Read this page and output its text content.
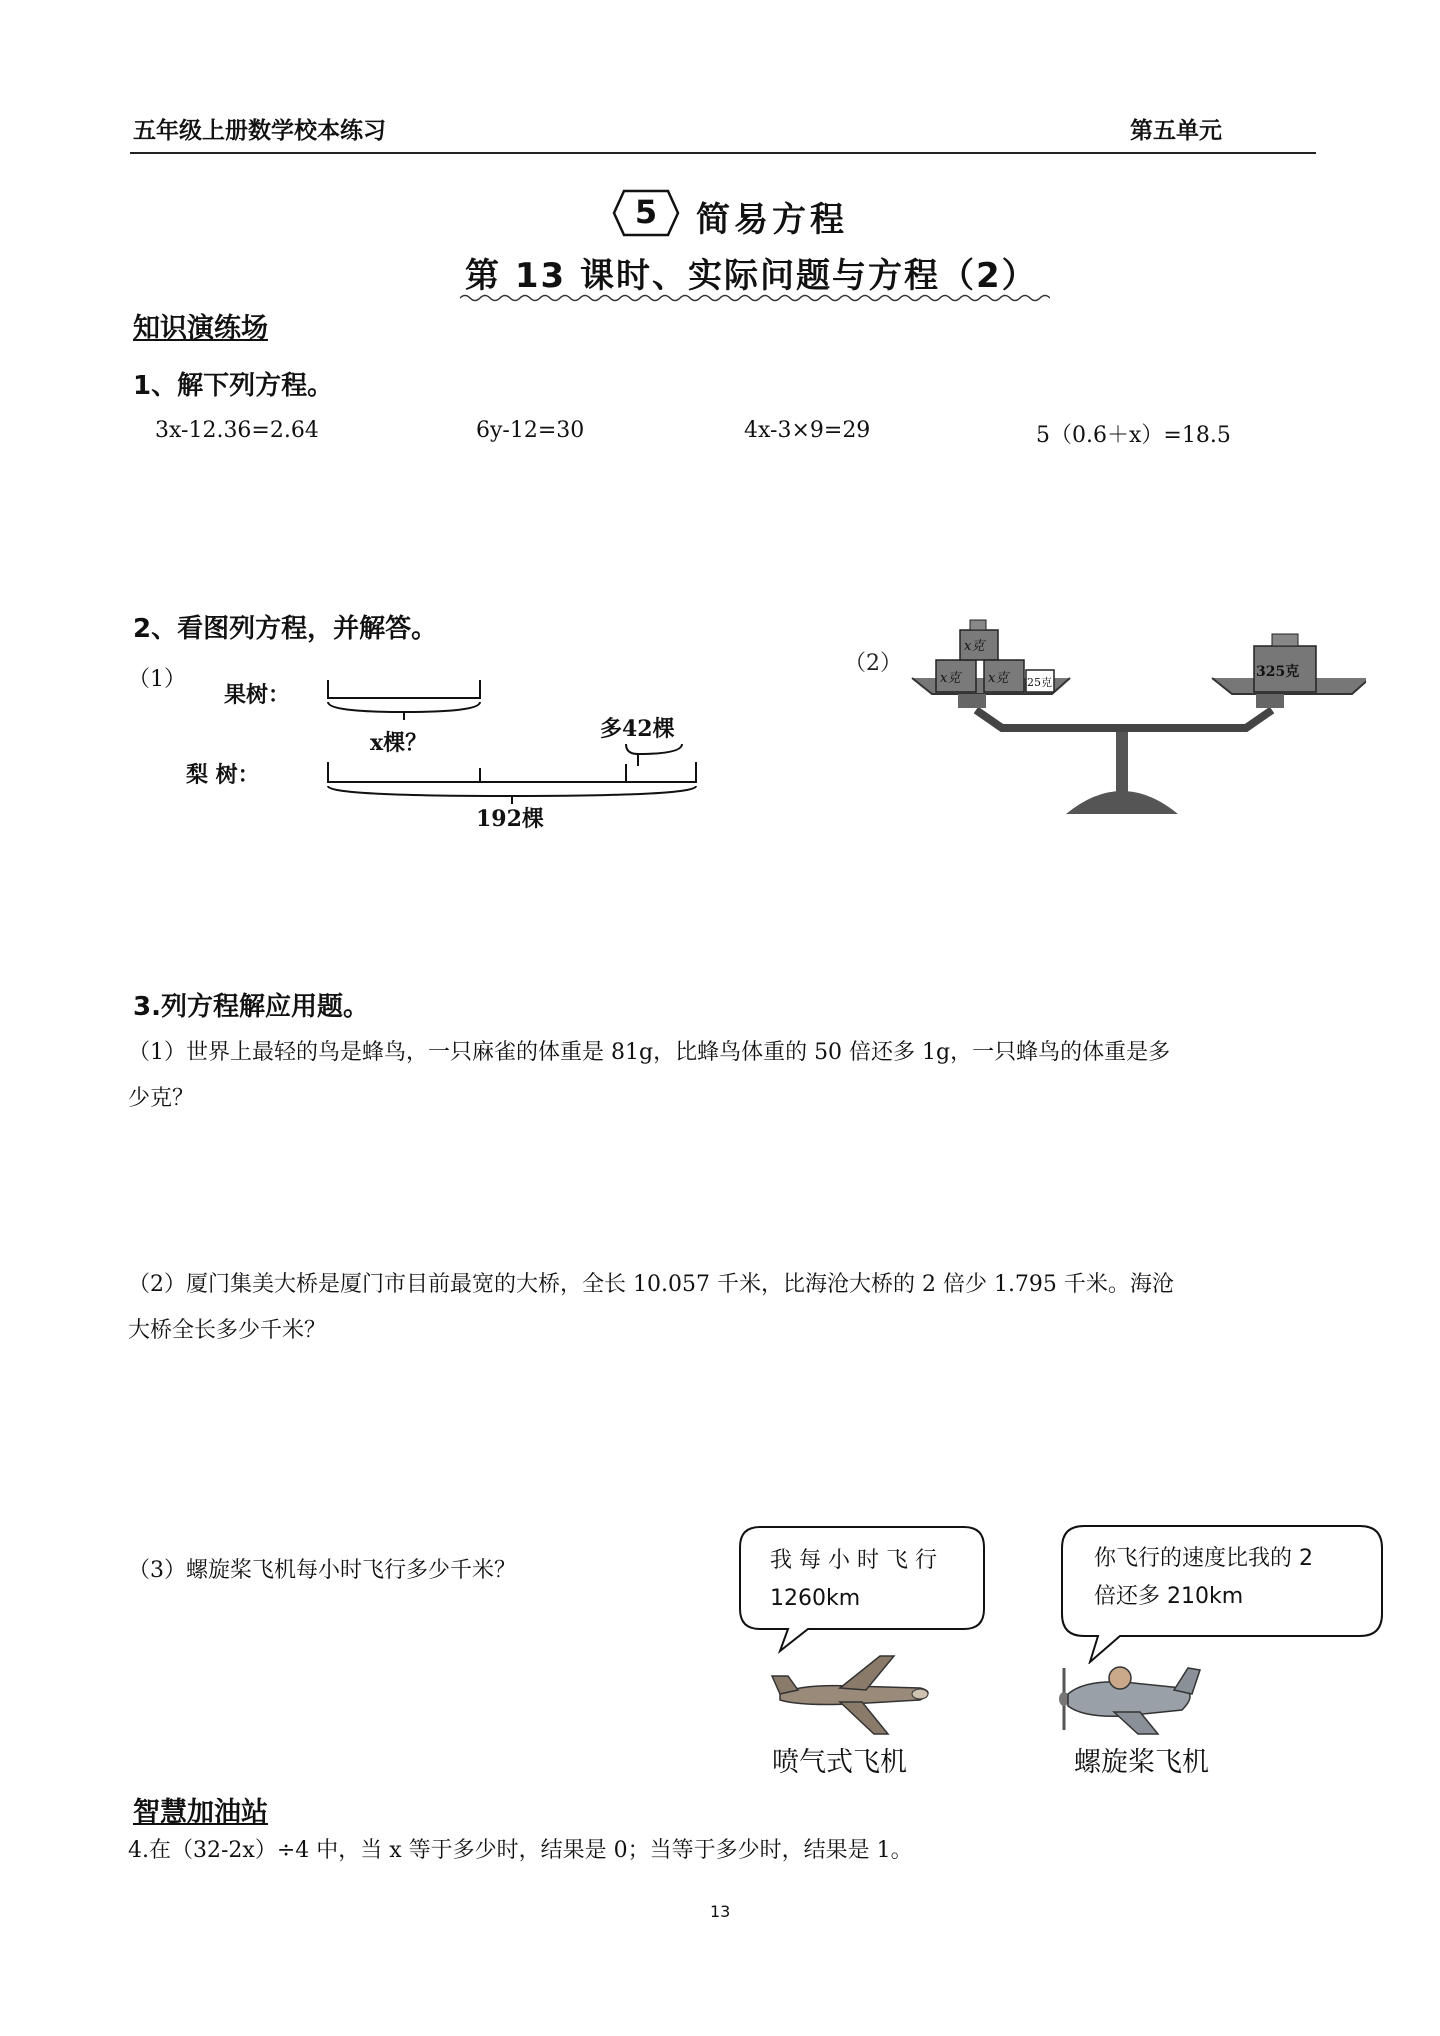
五年级上册数学校本练习	第五单元
5	简易方程
第 13 课时、实际问题与方程（2）
知识演练场
1、解下列方程。
3x-12.36=2.64	6y-12=30	4x-3×9=29	5（0.6＋x）=18.5
2、看图列方程，并解答。
（1）
果树：
x棵？
多42棵
梨 树：
192棵
（2）
x克
x克
x克 25克
325克
3.列方程解应用题。
（1）世界上最轻的鸟是蜂鸟，一只麻雀的体重是 81g，比蜂鸟体重的 50 倍还多 1g，一只蜂鸟的体重是多
少克？
（2）厦门集美大桥是厦门市目前最宽的大桥，全长 10.057 千米，比海沧大桥的 2 倍少 1.795 千米。海沧
大桥全长多少千米？
（3）螺旋桨飞机每小时飞行多少千米？	我 每 小 时 飞 行
1260km
你飞行的速度比我的 2
倍还多 210km
喷气式飞机	螺旋桨飞机
智慧加油站
4.在（32-2x）÷4 中，当 x 等于多少时，结果是 0；当等于多少时，结果是 1。
13
